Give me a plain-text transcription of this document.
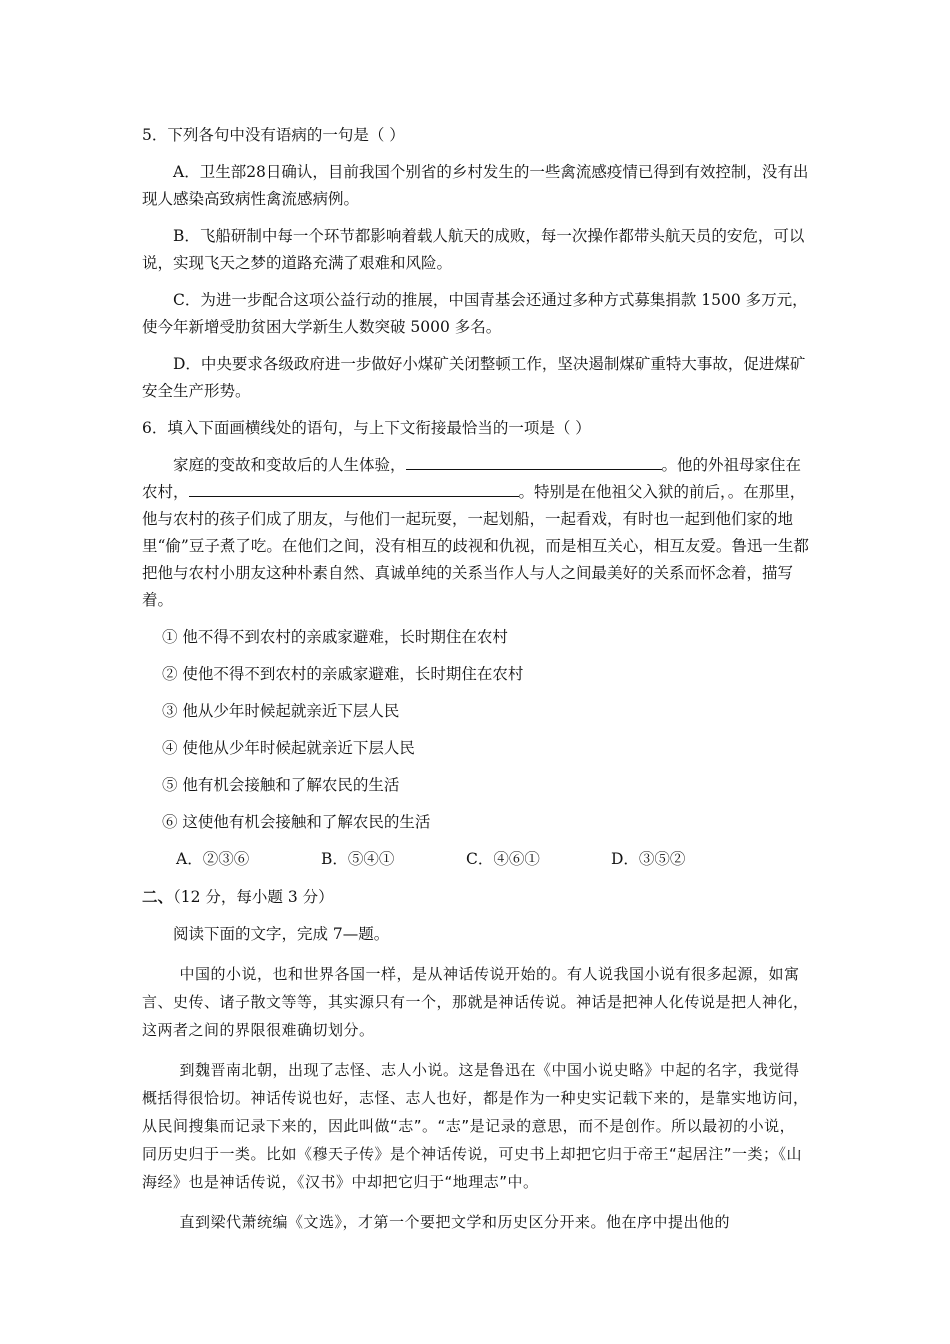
5．下列各句中没有语病的一句是（ ）

A．卫生部28日确认，目前我国个别省的乡村发生的一些禽流感疫情已得到有效控制，没有出现人感染高致病性禽流感病例。

B．飞船研制中每一个环节都影响着载人航天的成败，每一次操作都带头航天员的安危，可以说，实现飞天之梦的道路充满了艰难和风险。

C．为进一步配合这项公益行动的推展，中国青基会还通过多种方式募集捐款 1500 多万元，使今年新增受肋贫困大学新生人数突破 5000 多名。

D．中央要求各级政府进一步做好小煤矿关闭整顿工作，坚决遏制煤矿重特大事故，促进煤矿安全生产形势。

6．填入下面画横线处的语句，与上下文衔接最恰当的一项是（ ）

家庭的变故和变故后的人生体验，	。他的外祖母家住在农村，	。特别是在他祖父入狱的前后，。在那里，他与农村的孩子们成了朋友，与他们一起玩耍，一起划船，一起看戏，有时也一起到他们家的地里“偷”豆子煮了吃。在他们之间，没有相互的歧视和仇视，而是相互关心，相互友爱。鲁迅一生都把他与农村小朋友这种朴素自然、真诚单纯的关系当作人与人之间最美好的关系而怀念着，描写着。

① 他不得不到农村的亲戚家避难，长时期住在农村

② 使他不得不到农村的亲戚家避难，长时期住在农村

③ 他从少年时候起就亲近下层人民

④ 使他从少年时候起就亲近下层人民

⑤ 他有机会接触和了解农民的生活

⑥ 这使他有机会接触和了解农民的生活

A．②③⑥	B．⑤④①	C．④⑥①	D．③⑤②

二、（12 分，每小题 3 分）

阅读下面的文字，完成 7—题。

中国的小说，也和世界各国一样，是从神话传说开始的。有人说我国小说有很多起源，如寓言、史传、诸子散文等等，其实源只有一个，那就是神话传说。神话是把神人化传说是把人神化，这两者之间的界限很难确切划分。

到魏晋南北朝，出现了志怪、志人小说。这是鲁迅在《中国小说史略》中起的名字，我觉得概括得很恰切。神话传说也好，志怪、志人也好，都是作为一种史实记载下来的，是靠实地访问，从民间搜集而记录下来的，因此叫做“志”。“志”是记录的意思，而不是创作。所以最初的小说，同历史归于一类。比如《穆天子传》是个神话传说，可史书上却把它归于帝王“起居注”一类；《山海经》也是神话传说，《汉书》中却把它归于“地理志”中。

直到梁代萧统编《文选》，才第一个要把文学和历史区分开来。他在序中提出他的
